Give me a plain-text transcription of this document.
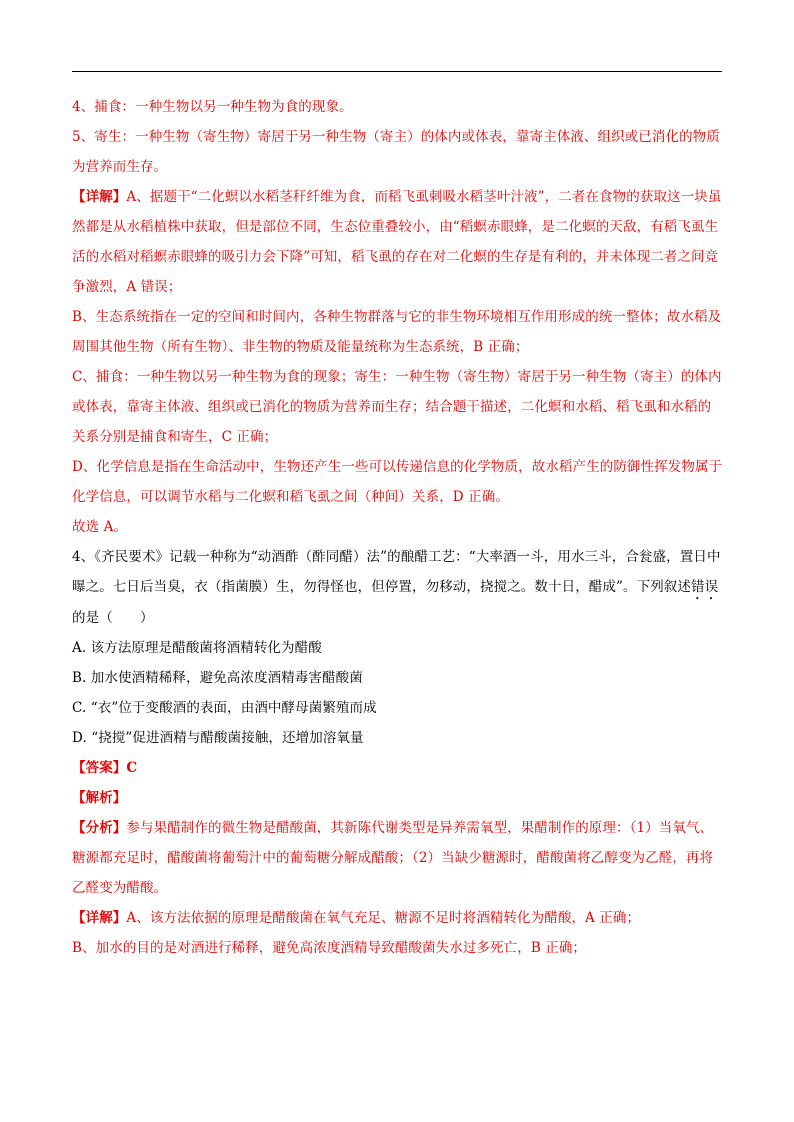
4、捕食：一种生物以另一种生物为食的现象。

5、寄生：一种生物（寄生物）寄居于另一种生物（寄主）的体内或体表，靠寄主体液、组织或已消化的物质为营养而生存。

【详解】A、据题干“二化螟以水稻茎秆纤维为食，而稻飞虱刺吸水稻茎叶汁液”，二者在食物的获取这一块虽然都是从水稻植株中获取，但是部位不同，生态位重叠较小，由“稻螟赤眼蜂，是二化螟的天敌，有稻飞虱生活的水稻对稻螟赤眼蜂的吸引力会下降”可知，稻飞虱的存在对二化螟的生存是有利的，并未体现二者之间竞争激烈，A 错误；

B、生态系统指在一定的空间和时间内，各种生物群落与它的非生物环境相互作用形成的统一整体；故水稻及周围其他生物（所有生物）、非生物的物质及能量统称为生态系统，B 正确；

C、捕食：一种生物以另一种生物为食的现象；寄生：一种生物（寄生物）寄居于另一种生物（寄主）的体内或体表，靠寄主体液、组织或已消化的物质为营养而生存；结合题干描述，二化螟和水稻、稻飞虱和水稻的关系分别是捕食和寄生，C 正确；

D、化学信息是指在生命活动中，生物还产生一些可以传递信息的化学物质，故水稻产生的防御性挥发物属于化学信息，可以调节水稻与二化螟和稻飞虱之间（种间）关系，D 正确。

故选 A。

4、《齐民要术》记载一种称为“动酒酢（酢同醋）法”的酿醋工艺：“大率酒一斗，用水三斗，合瓮盛，置日中曝之。七日后当臭，衣（指菌膜）生，勿得怪也，但停置，勿移动，挠搅之。数十日，醋成”。下列叙述错误的是（　　）

A. 该方法原理是醋酸菌将酒精转化为醋酸

B. 加水使酒精稀释，避免高浓度酒精毒害醋酸菌

C. “衣”位于变酸酒的表面，由酒中酵母菌繁殖而成

D. “挠搅”促进酒精与醋酸菌接触，还增加溶氧量

【答案】C

【解析】

【分析】参与果醋制作的微生物是醋酸菌，其新陈代谢类型是异养需氧型，果醋制作的原理：（1）当氧气、糖源都充足时，醋酸菌将葡萄汁中的葡萄糖分解成醋酸；（2）当缺少糖源时，醋酸菌将乙醇变为乙醛，再将乙醛变为醋酸。

【详解】A、该方法依据的原理是醋酸菌在氧气充足、糖源不足时将酒精转化为醋酸，A 正确；

B、加水的目的是对酒进行稀释，避免高浓度酒精导致醋酸菌失水过多死亡，B 正确；
